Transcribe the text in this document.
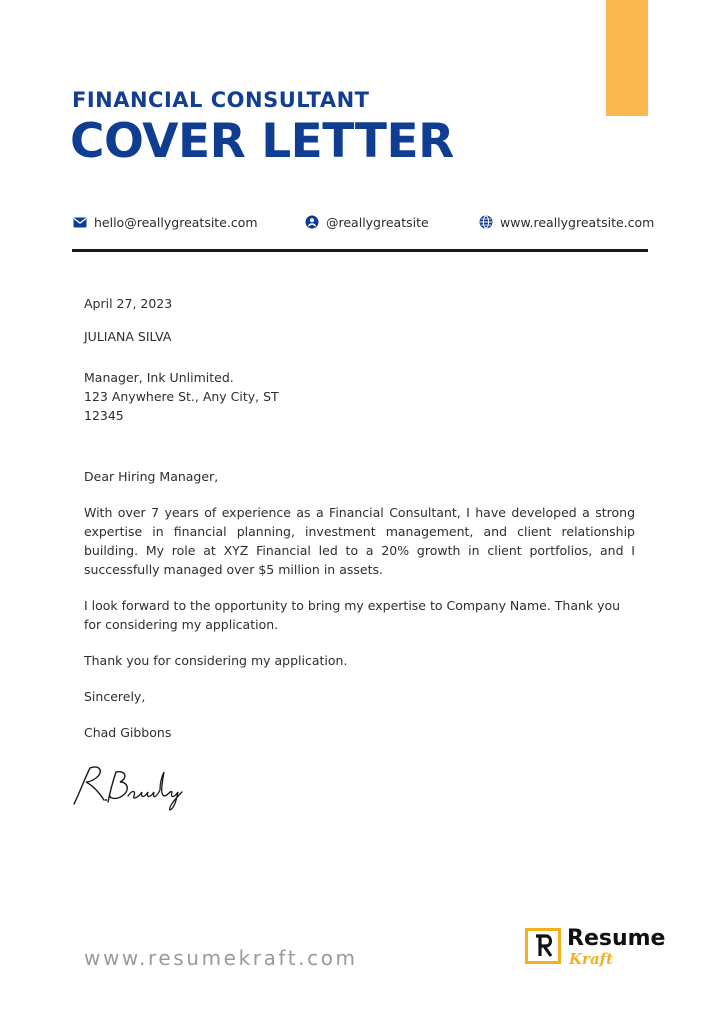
FINANCIAL CONSULTANT
COVER LETTER
hello@reallygreatsite.com	@reallygreatsite	www.reallygreatsite.com

April 27, 2023

JULIANA SILVA

Manager, Ink Unlimited.

123 Anywhere St., Any City, ST

12345

Dear Hiring Manager,

With over 7 years of experience as a Financial Consultant, I have developed a strong expertise in financial planning, investment management, and client relationship building. My role at XYZ Financial led to a 20% growth in client portfolios, and I successfully managed over $5 million in assets.

I look forward to the opportunity to bring my expertise to Company Name. Thank you for considering my application.

Thank you for considering my application.

Sincerely,

Chad Gibbons

www.resumekraft.com
Resume
Kraft
